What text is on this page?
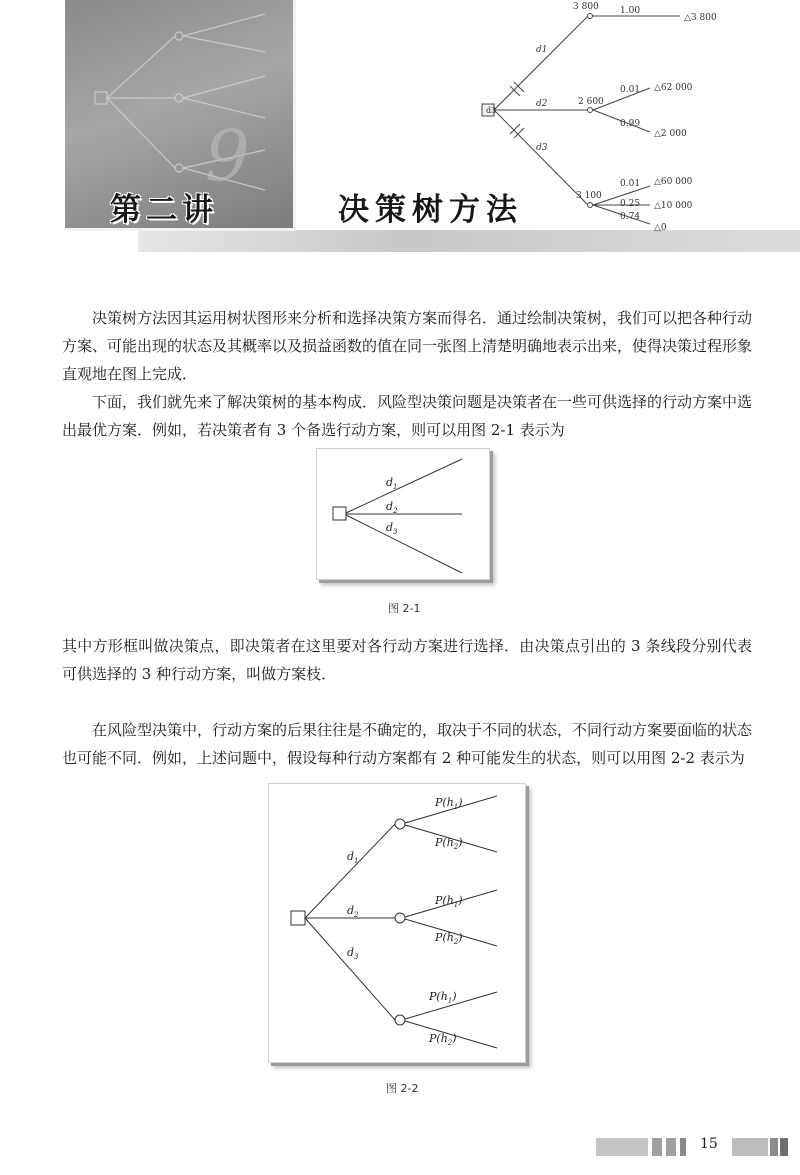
9
3 800
2 600
3 100
1.00
0.01
0.99
0.01
0.25
0.74
△3 800
△62 000
△2 000
△60 000
△10 000
△0
d3
d1
d2
d3
第二讲	决策树方法

决策树方法因其运用树状图形来分析和选择决策方案而得名．通过绘制决策树，我们可以把各种行动方案、可能出现的状态及其概率以及损益函数的值在同一张图上清楚明确地表示出来，使得决策过程形象直观地在图上完成．

下面，我们就先来了解决策树的基本构成．风险型决策问题是决策者在一些可供选择的行动方案中选出最优方案．例如，若决策者有 3 个备选行动方案，则可以用图 2-1 表示为

$d_1$
$d_2$
$d_3$
图 2-1

其中方形框叫做决策点，即决策者在这里要对各行动方案进行选择．由决策点引出的 3 条线段分别代表可供选择的 3 种行动方案，叫做方案枝．

在风险型决策中，行动方案的后果往往是不确定的，取决于不同的状态，不同行动方案要面临的状态也可能不同．例如，上述问题中，假设每种行动方案都有 2 种可能发生的状态，则可以用图 2-2 表示为

$d_1$
$d_2$
$d_3$
$P(h_1)$
$P(h_2)$
$P(h_1)$
$P(h_2)$
$P(h_1)$
$P(h_2)$
图 2-2
15
